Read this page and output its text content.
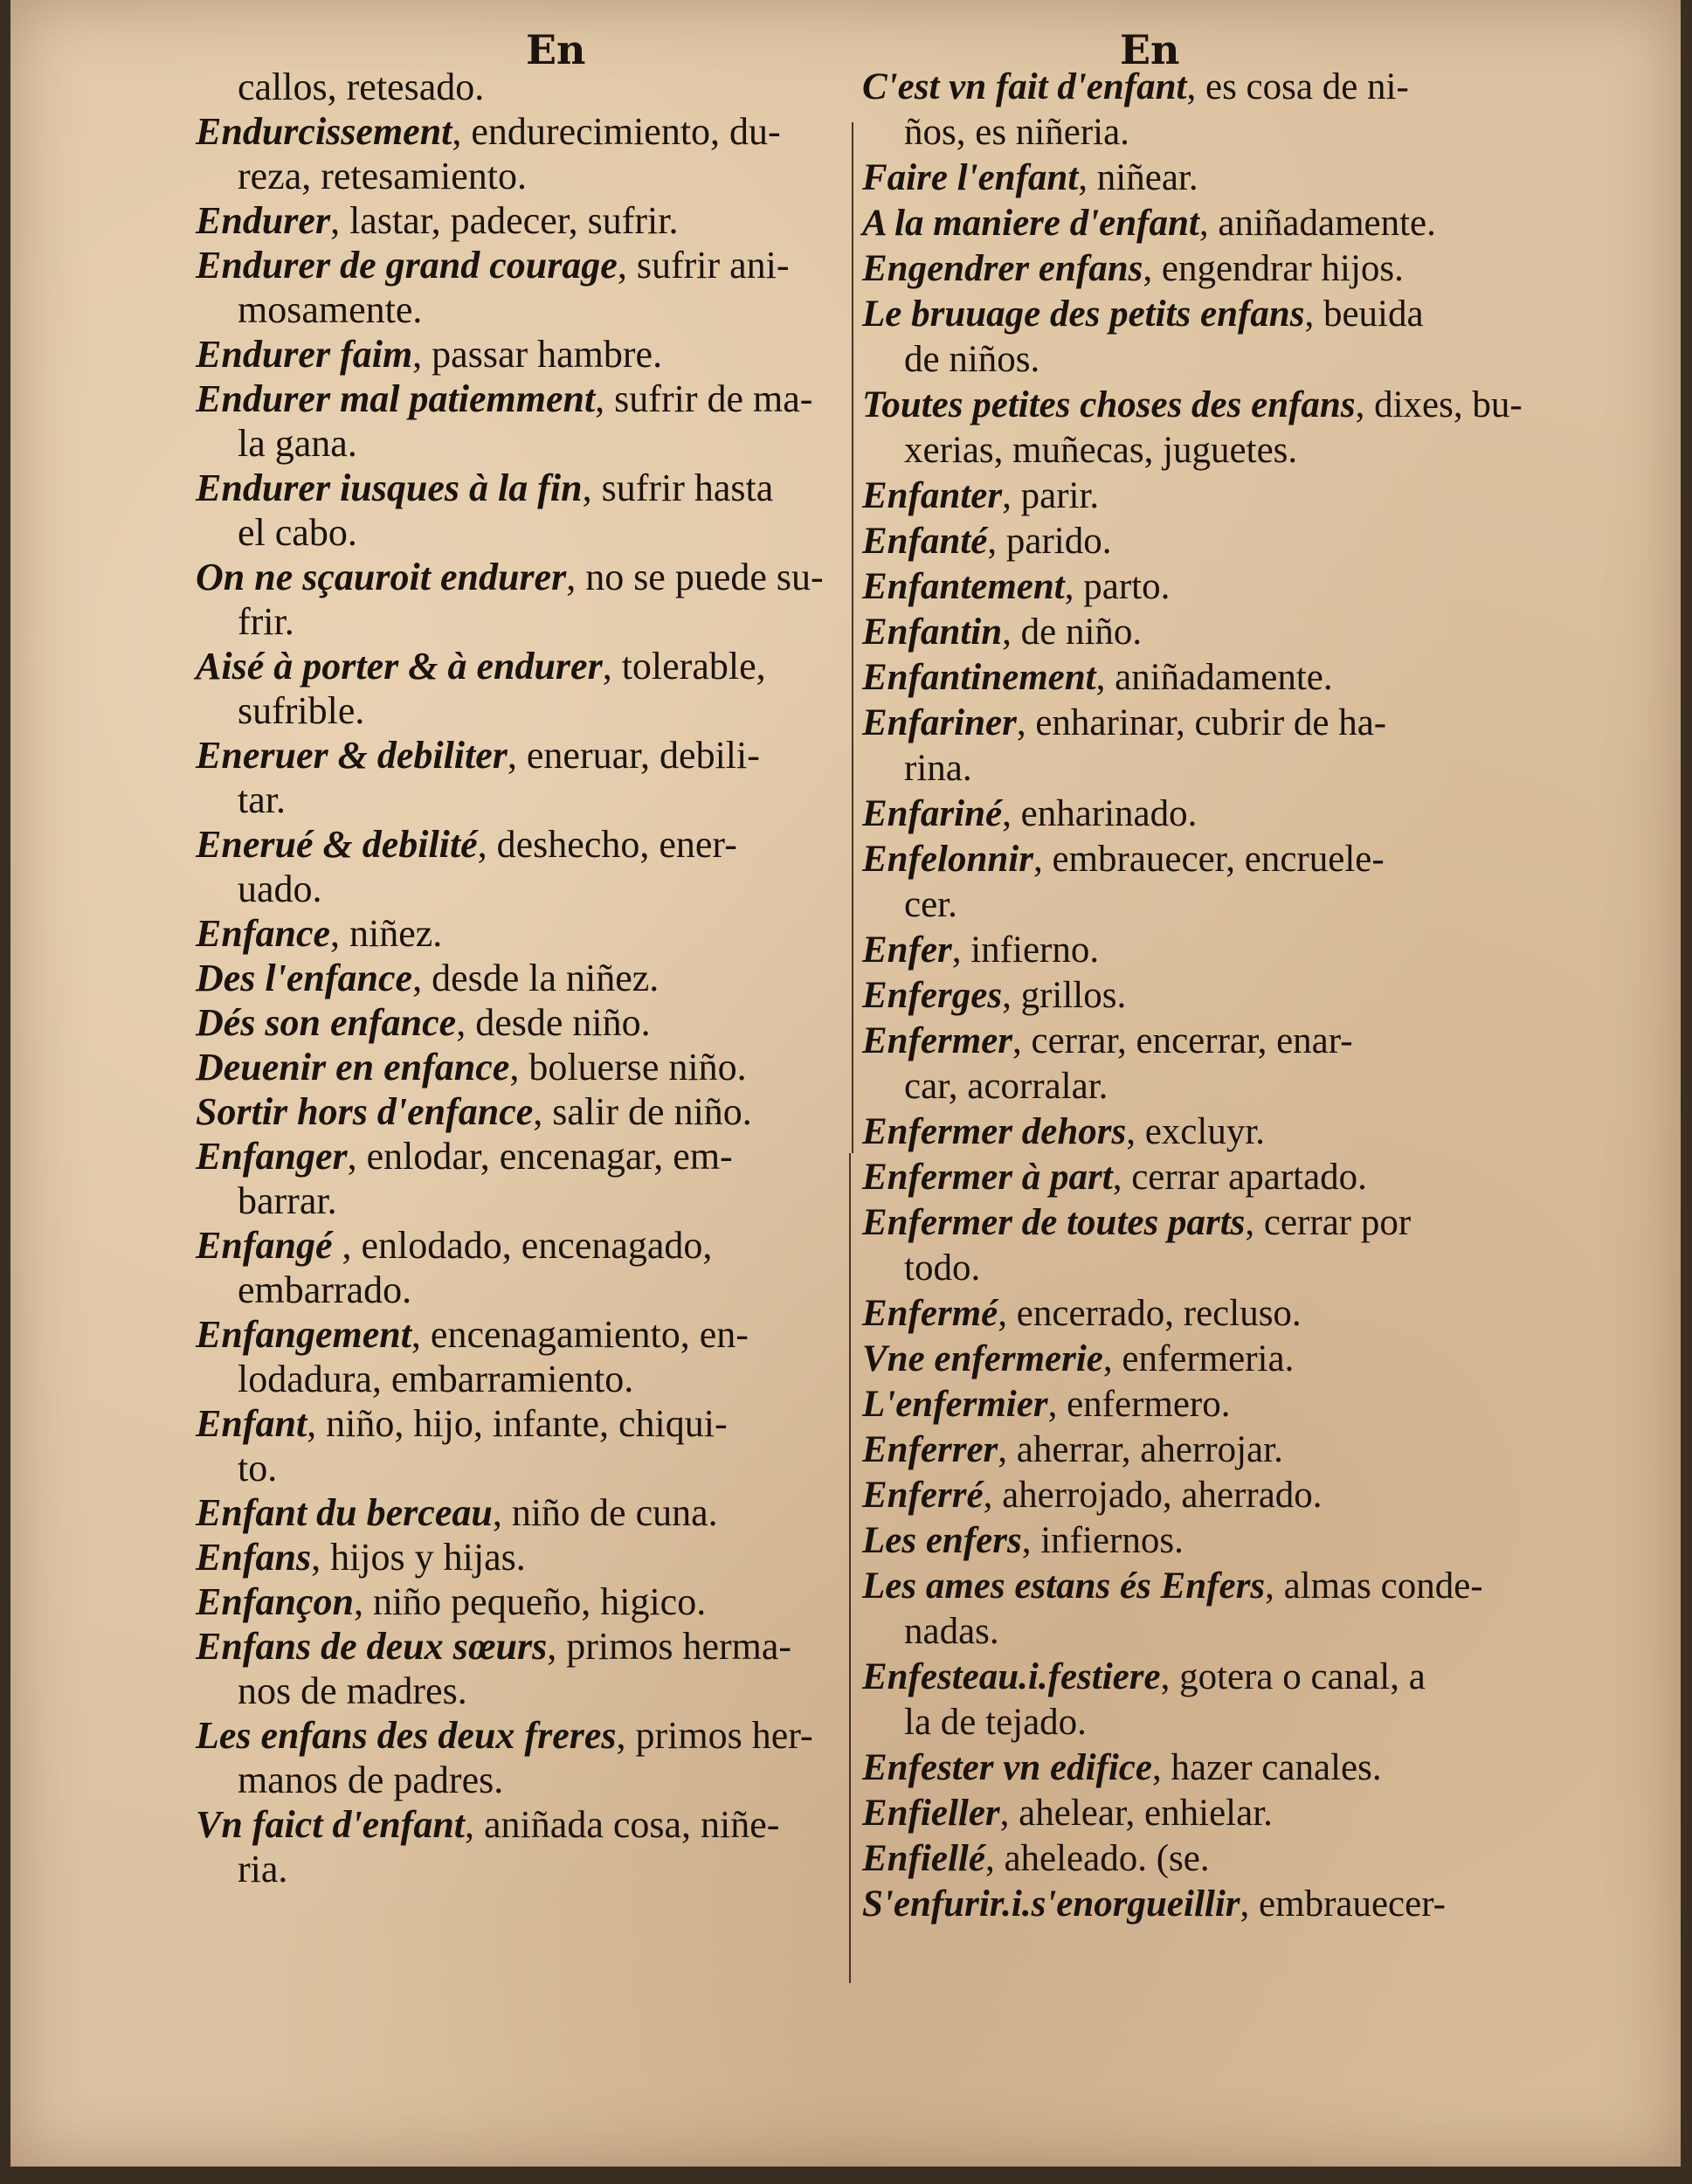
En	En
callos, retesado.
Endurcissement, endurecimiento, du-
reza, retesamiento.
Endurer, lastar, padecer, sufrir.
Endurer de grand courage, sufrir ani-
mosamente.
Endurer faim, passar hambre.
Endurer mal patiemment, sufrir de ma-
la gana.
Endurer iusques à la fin, sufrir hasta
el cabo.
On ne sçauroit endurer, no se puede su-
frir.
Aisé à porter & à endurer, tolerable,
sufrible.
Eneruer & debiliter, eneruar, debili-
tar.
Enerué & debilité, deshecho, ener-
uado.
Enfance, niñez.
Des l'enfance, desde la niñez.
Dés son enfance, desde niño.
Deuenir en enfance, boluerse niño.
Sortir hors d'enfance, salir de niño.
Enfanger, enlodar, encenagar, em-
barrar.
Enfangé , enlodado, encenagado,
embarrado.
Enfangement, encenagamiento, en-
lodadura, embarramiento.
Enfant, niño, hijo, infante, chiqui-
to.
Enfant du berceau, niño de cuna.
Enfans, hijos y hijas.
Enfançon, niño pequeño, higico.
Enfans de deux sœurs, primos herma-
nos de madres.
Les enfans des deux freres, primos her-
manos de padres.
Vn faict d'enfant, aniñada cosa, niñe-
ria.
C'est vn fait d'enfant, es cosa de ni-
ños, es niñeria.
Faire l'enfant, niñear.
A la maniere d'enfant, aniñadamente.
Engendrer enfans, engendrar hijos.
Le bruuage des petits enfans, beuida
de niños.
Toutes petites choses des enfans, dixes, bu-
xerias, muñecas, juguetes.
Enfanter, parir.
Enfanté, parido.
Enfantement, parto.
Enfantin, de niño.
Enfantinement, aniñadamente.
Enfariner, enharinar, cubrir de ha-
rina.
Enfariné, enharinado.
Enfelonnir, embrauecer, encruele-
cer.
Enfer, infierno.
Enferges, grillos.
Enfermer, cerrar, encerrar, enar-
car, acorralar.
Enfermer dehors, excluyr.
Enfermer à part, cerrar apartado.
Enfermer de toutes parts, cerrar por
todo.
Enfermé, encerrado, recluso.
Vne enfermerie, enfermeria.
L'enfermier, enfermero.
Enferrer, aherrar, aherrojar.
Enferré, aherrojado, aherrado.
Les enfers, infiernos.
Les ames estans és Enfers, almas conde-
nadas.
Enfesteau.i.festiere, gotera o canal, a
la de tejado.
Enfester vn edifice, hazer canales.
Enfieller, ahelear, enhielar.
Enfiellé, aheleado. (se.
S'enfurir.i.s'enorgueillir, embrauecer-
